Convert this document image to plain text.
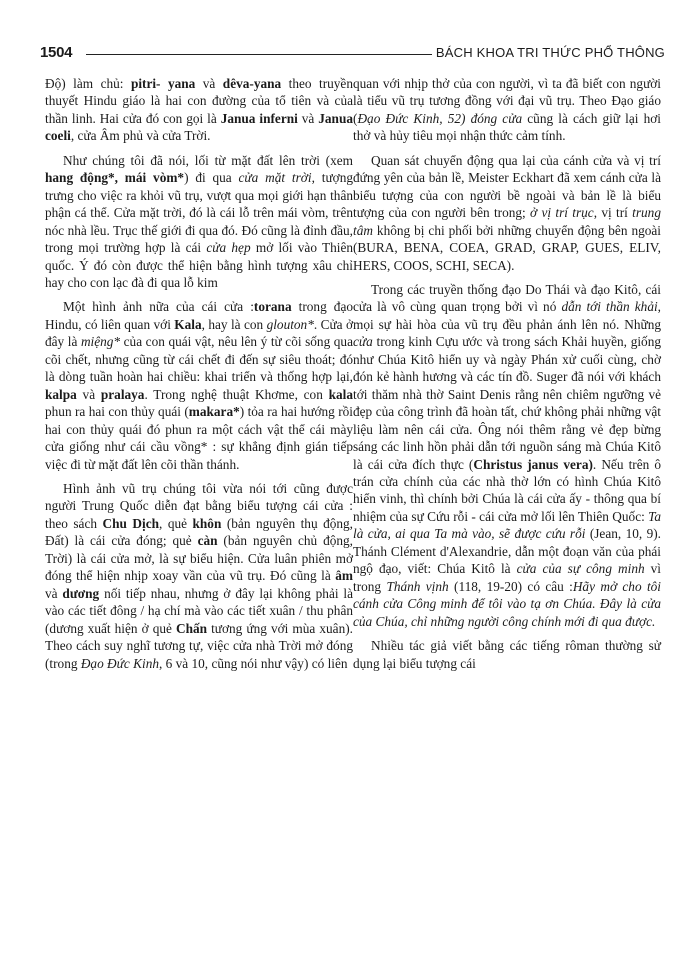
1504	BÁCH KHOA TRI THỨC PHỔ THÔNG

Độ) làm chủ: pitri- yana và dêva-yana theo truyền thuyết Hindu giáo là hai con đường của tổ tiên và của thần linh. Hai cửa đó con gọi là Janua inferni và Janua coeli, cửa Âm phủ và cửa Trời.

Như chúng tôi đã nói, lối từ mặt đất lên trời (xem hang động*, mái vòm*) đi qua cửa mặt trời, tượng trưng cho việc ra khỏi vũ trụ, vượt qua mọi giới hạn thân phận cá thể. Cửa mặt trời, đó là cái lỗ trên mái vòm, trên nóc nhà lều. Trục thế giới đi qua đó. Đó cũng là đỉnh đầu, trong mọi trường hợp là cái cửa hẹp mở lối vào Thiên quốc. Ý đó còn được thể hiện bằng hình tượng xâu chỉ hay cho con lạc đà đi qua lỗ kim

Một hình ảnh nữa của cái cửa :torana trong đạo Hindu, có liên quan với Kala, hay là con glouton*. Cửa ở đây là miệng* của con quái vật, nêu lên ý từ cõi sống qua cõi chết, nhưng cũng từ cái chết đi đến sự siêu thoát; đó là dòng tuần hoàn hai chiều: khai triển và thống hợp lại, kalpa và pralaya. Trong nghệ thuật Khơme, con kala phun ra hai con thủy quái (makara*) tỏa ra hai hướng rồi hai con thủy quái đó phun ra một cách vật thể cái mày cửa giống như cái cầu vồng* : sự khẳng định gián tiếp việc đi từ mặt đất lên cõi thần thánh.

Hình ảnh vũ trụ chúng tôi vừa nói tới cũng được người Trung Quốc diễn đạt bằng biểu tượng cái cửa : theo sách Chu Dịch, quẻ khôn (bản nguyên thụ động, Đất) là cái cửa đóng; quẻ càn (bản nguyên chủ động, Trời) là cái cửa mở, là sự biểu hiện. Cửa luân phiên mở đóng thể hiện nhịp xoay vần của vũ trụ. Đó cũng là âm và dương nối tiếp nhau, nhưng ở đây lại không phải là vào các tiết đông / hạ chí mà vào các tiết xuân / thu phân (dương xuất hiện ở quẻ Chấn tương ứng với mùa xuân). Theo cách suy nghĩ tương tự, việc cửa nhà Trời mở đóng (trong Đạo Đức Kinh, 6 và 10, cũng nói như vậy) có liên

quan với nhịp thở của con người, vì ta đã biết con người là tiểu vũ trụ tương đồng với đại vũ trụ. Theo Đạo giáo (Đạo Đức Kinh, 52) đóng cửa cũng là cách giữ lại hơi thở và hủy tiêu mọi nhận thức cảm tính.

Quan sát chuyển động qua lại của cánh cửa và vị trí đứng yên của bản lề, Meister Eckhart đã xem cánh cửa là biểu tượng của con người bề ngoài và bản lề là biểu tượng của con người bên trong; ở vị trí trục, vị trí trung tâm không bị chi phối bởi những chuyển động bên ngoài (BURA, BENA, COEA, GRAD, GRAP, GUES, ELIV, HERS, COOS, SCHI, SECA).

Trong các truyền thống đạo Do Thái và đạo Kitô, cái cửa là vô cùng quan trọng bởi vì nó dẫn tới thần khải, mọi sự hài hòa của vũ trụ đều phản ánh lên nó. Những cửa trong kinh Cựu ước và trong sách Khải huyền, giống như Chúa Kitô hiển uy và ngày Phán xử cuối cùng, chờ đón kẻ hành hương và các tín đồ. Suger đã nói với khách tới thăm nhà thờ Saint Denis rằng nên chiêm ngưỡng vẻ đẹp của công trình đã hoàn tất, chứ không phải những vật liệu làm nên cái cửa. Ông nói thêm rằng vẻ đẹp bừng sáng các linh hồn phải dẫn tới nguồn sáng mà Chúa Kitô là cái cửa đích thực (Christus janus vera). Nếu trên ô trán cửa chính của các nhà thờ lớn có hình Chúa Kitô hiển vinh, thì chính bởi Chúa là cái cửa ấy - thông qua bí nhiệm của sự Cứu rỗi - cái cửa mở lối lên Thiên Quốc: Ta là cửa, ai qua Ta mà vào, sẽ được cứu rỗi (Jean, 10, 9). Thánh Clément d'Alexandrie, dẫn một đoạn văn của phái ngộ đạo, viết: Chúa Kitô là cửa của sự công minh vì trong Thánh vịnh (118, 19-20) có câu :Hãy mở cho tôi cánh cửa Công minh để tôi vào tạ ơn Chúa. Đây là cửa của Chúa, chỉ những người công chính mới đi qua được.

Nhiều tác giả viết bằng các tiếng rôman thường sử dụng lại biểu tượng cái
